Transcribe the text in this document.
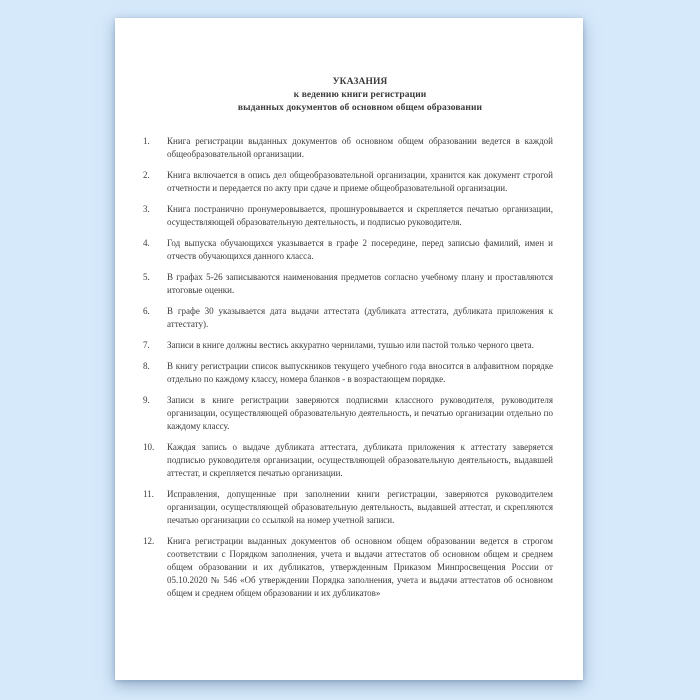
УКАЗАНИЯ
к ведению книги регистрации
выданных документов об основном общем образовании
1.	Книга регистрации выданных документов об основном общем образовании ведется в каждой общеобразовательной организации.
2.	Книга включается в опись дел общеобразовательной организации, хранится как документ строгой отчетности и передается по акту при сдаче и приеме общеобразовательной организации.
3.	Книга постранично пронумеровывается, прошнуровывается и скрепляется печатью организации, осуществляющей образовательную деятельность, и подписью руководителя.
4.	Год выпуска обучающихся указывается в графе 2 посередине, перед записью фамилий, имен и отчеств обучающихся данного класса.
5.	В графах 5-26 записываются наименования предметов согласно учебному плану и проставляются итоговые оценки.
6.	В графе 30 указывается дата выдачи аттестата (дубликата аттестата, дубликата приложения к аттестату).
7.	Записи в книге должны вестись аккуратно чернилами, тушью или пастой только черного цвета.
8.	В книгу регистрации список выпускников текущего учебного года вносится в алфавитном порядке отдельно по каждому классу, номера бланков - в возрастающем порядке.
9.	Записи в книге регистрации заверяются подписями классного руководителя, руководителя организации, осуществляющей образовательную деятельность, и печатью организации отдельно по каждому классу.
10.	Каждая запись о выдаче дубликата аттестата, дубликата приложения к аттестату заверяется подписью руководителя организации, осуществляющей образовательную деятельность, выдавшей аттестат, и скрепляется печатью организации.
11.	Исправления, допущенные при заполнении книги регистрации, заверяются руководителем организации, осуществляющей образовательную деятельность, выдавшей аттестат, и скрепляются печатью организации со ссылкой на номер учетной записи.
12.	Книга регистрации выданных документов об основном общем образовании ведется в строгом соответствии с Порядком заполнения, учета и выдачи аттестатов об основном общем и среднем общем образовании и их дубликатов, утвержденным Приказом Минпросвещения России от 05.10.2020 № 546 «Об утверждении Порядка заполнения, учета и выдачи аттестатов об основном общем и среднем общем образовании и их дубликатов»
